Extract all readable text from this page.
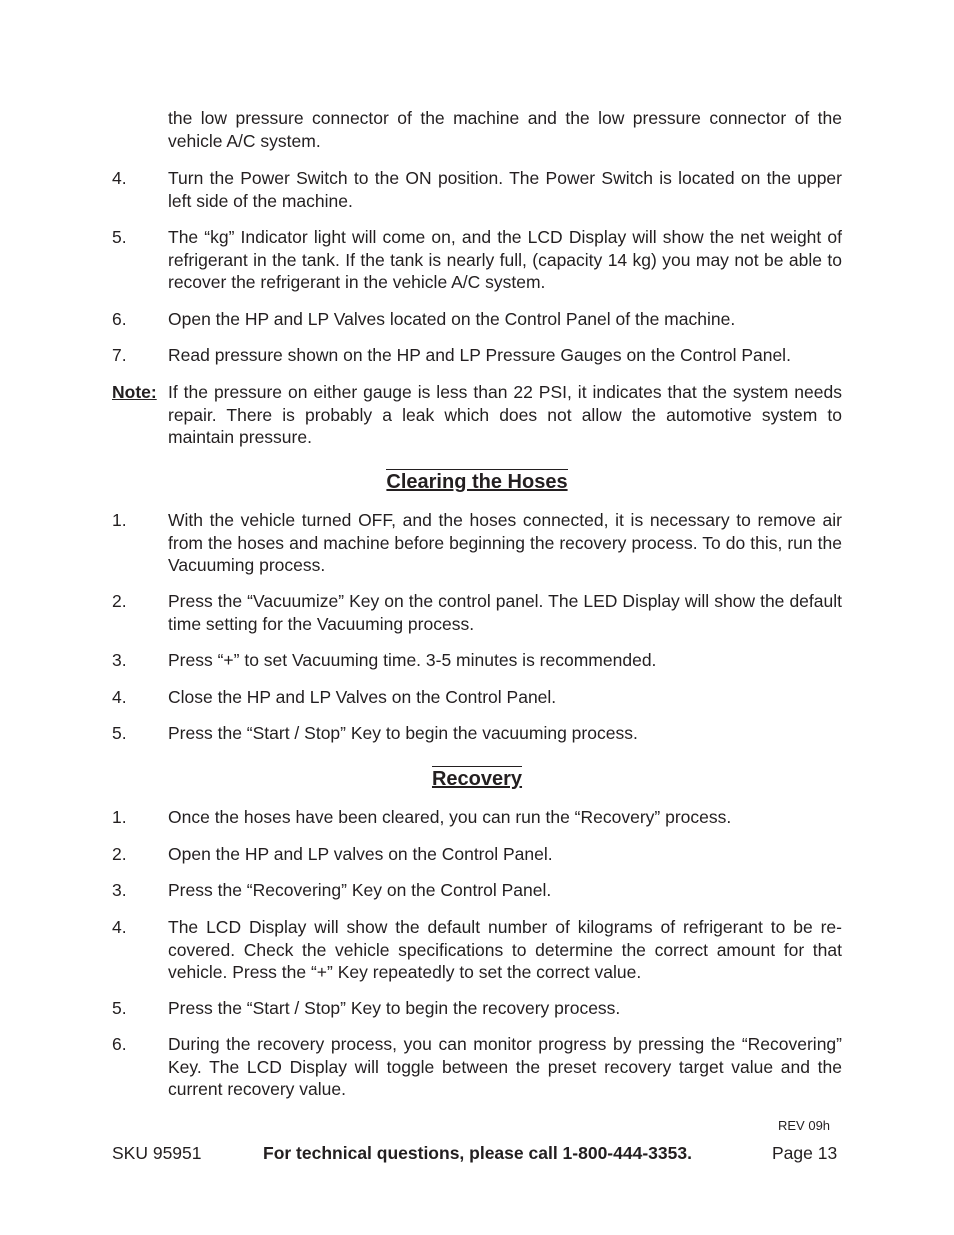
the low pressure connector of the machine and the low pressure connector of the vehicle A/C system.
4.	Turn the Power Switch to the ON position. The Power Switch is located on the upper left side of the machine.
5.	The “kg” Indicator light will come on, and the LCD Display will show the net weight of refrigerant in the tank. If the tank is nearly full, (capacity 14 kg) you may not be able to recover the refrigerant in the vehicle A/C system.
6.	Open the HP and LP Valves located on the Control Panel of the machine.
7.	Read pressure shown on the HP and LP Pressure Gauges on the Control Panel.
Note: If the pressure on either gauge is less than 22 PSI, it indicates that the system needs repair. There is probably a leak which does not allow the automotive system to maintain pressure.
Clearing the Hoses
1.	With the vehicle turned OFF, and the hoses connected, it is necessary to remove air from the hoses and machine before beginning the recovery process. To do this, run the Vacuuming process.
2.	Press the “Vacuumize” Key on the control panel. The LED Display will show the default time setting for the Vacuuming process.
3.	Press “+” to set Vacuuming time. 3-5 minutes is recommended.
4.	Close the HP and LP Valves on the Control Panel.
5.	Press the “Start / Stop” Key to begin the vacuuming process.
Recovery
1.	Once the hoses have been cleared, you can run the “Recovery” process.
2.	Open the HP and LP valves on the Control Panel.
3.	Press the “Recovering” Key on the Control Panel.
4.	The LCD Display will show the default number of kilograms of refrigerant to be recovered. Check the vehicle specifications to determine the correct amount for that vehicle. Press the “+” Key repeatedly to set the correct value.
5.	Press the “Start / Stop” Key to begin the recovery process.
6.	During the recovery process, you can monitor progress by pressing the “Recovering” Key. The LCD Display will toggle between the preset recovery target value and the current recovery value.
REV 09h
SKU 95951	For technical questions, please call 1-800-444-3353.	Page 13
